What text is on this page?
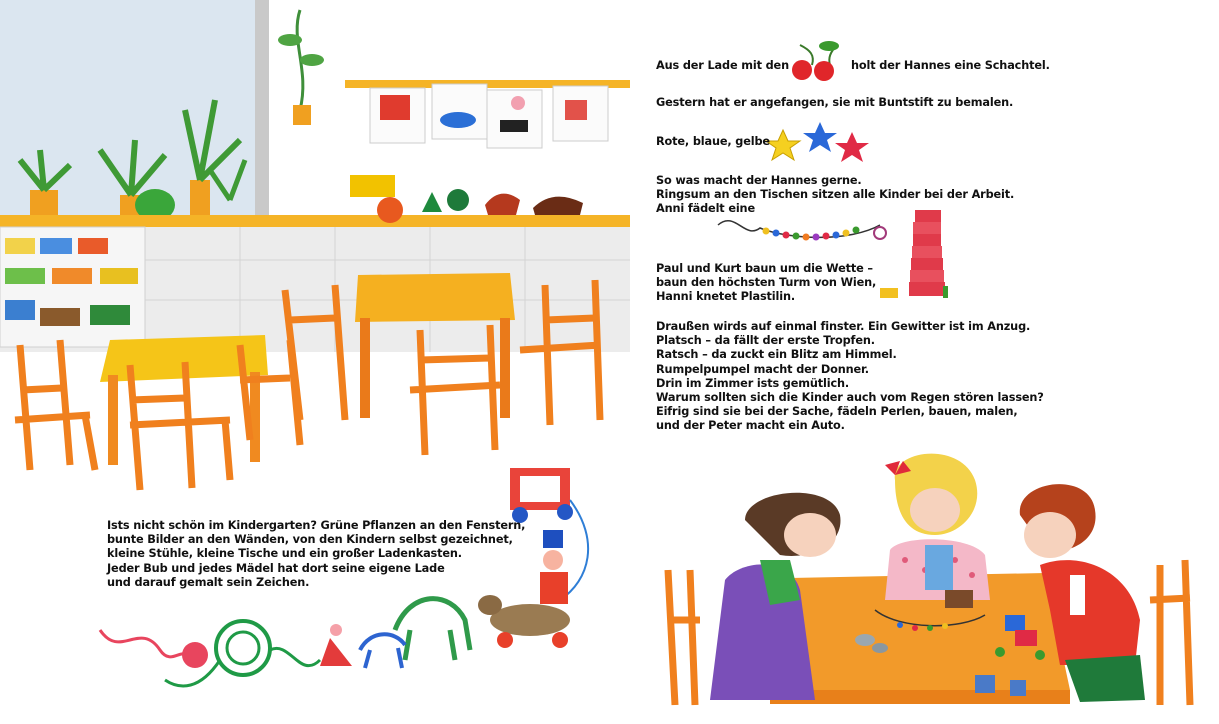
Ists nicht schön im Kindergarten? Grüne Pflanzen an den Fenstern,
bunte Bilder an den Wänden, von den Kindern selbst gezeichnet,
kleine Stühle, kleine Tische und ein großer Ladenkasten.
Jeder Bub und jedes Mädel hat dort seine eigene Lade
und darauf gemalt sein Zeichen.
Aus der Lade mit den	holt der Hannes eine Schachtel.
Gestern hat er angefangen, sie mit Buntstift zu bemalen.
Rote, blaue, gelbe
So was macht der Hannes gerne.
Ringsum an den Tischen sitzen alle Kinder bei der Arbeit.
Anni fädelt eine
Paul und Kurt baun um die Wette –
baun den höchsten Turm von Wien,
Hanni knetet Plastilin.
Draußen wirds auf einmal finster. Ein Gewitter ist im Anzug.
Platsch – da fällt der erste Tropfen.
Ratsch – da zuckt ein Blitz am Himmel.
Rumpelpumpel macht der Donner.
Drin im Zimmer ists gemütlich.
Warum sollten sich die Kinder auch vom Regen stören lassen?
Eifrig sind sie bei der Sache, fädeln Perlen, bauen, malen,
und der Peter macht ein Auto.
